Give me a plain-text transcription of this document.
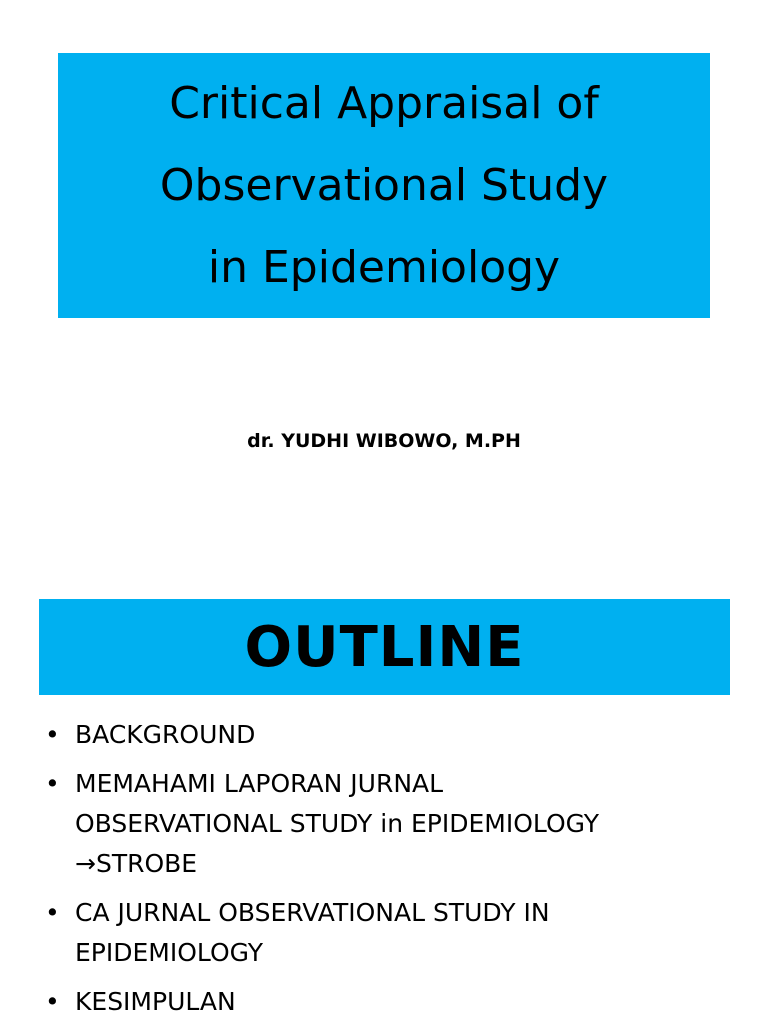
Critical Appraisal of
Observational Study
in Epidemiology

dr. YUDHI WIBOWO, M.PH

OUTLINE
• BACKGROUND
• MEMAHAMI LAPORAN JURNAL
OBSERVATIONAL STUDY in EPIDEMIOLOGY
→STROBE
• CA JURNAL OBSERVATIONAL STUDY IN
EPIDEMIOLOGY
• KESIMPULAN
